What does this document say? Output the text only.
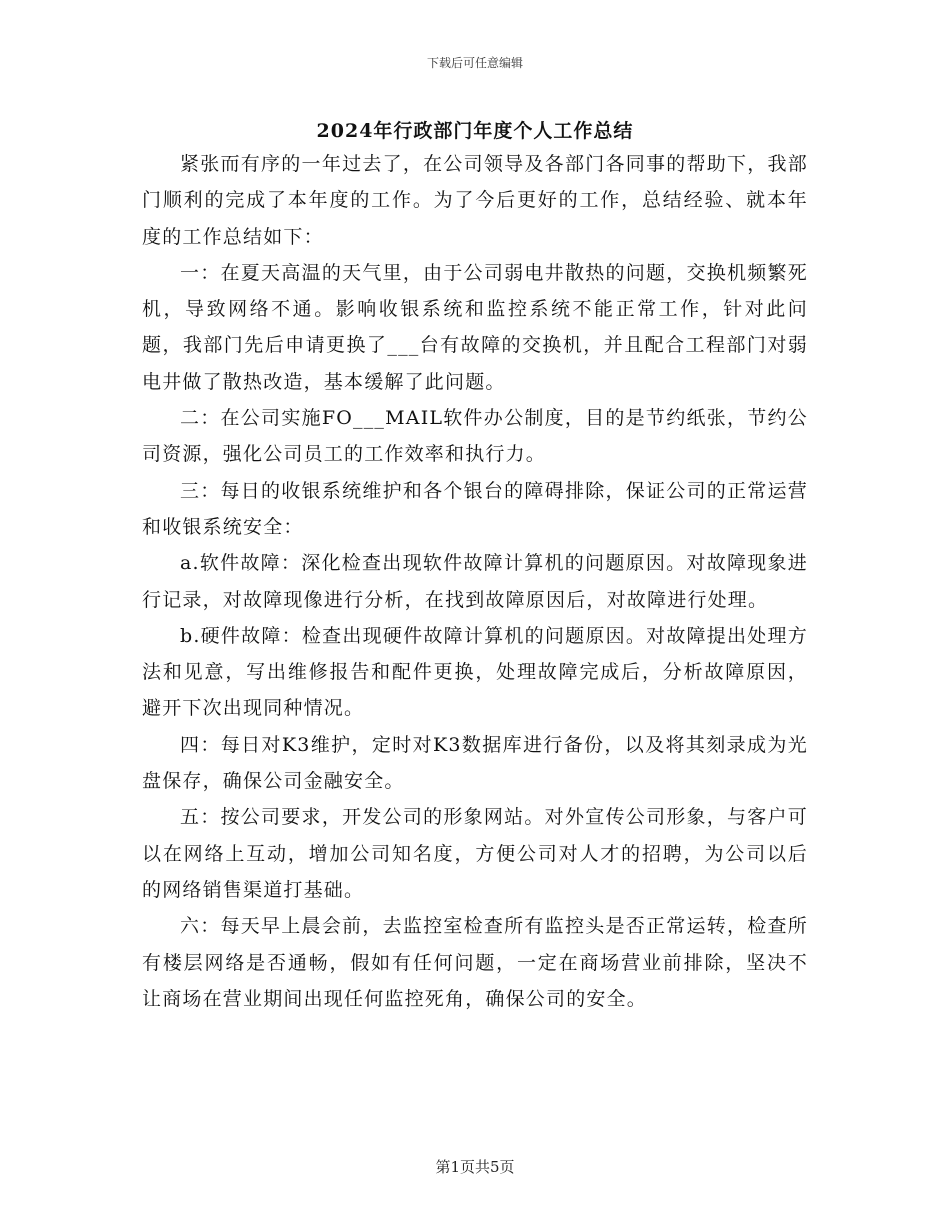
下载后可任意编辑
2024年行政部门年度个人工作总结

紧张而有序的一年过去了，在公司领导及各部门各同事的帮助下，我部门顺利的完成了本年度的工作。为了今后更好的工作，总结经验、就本年度的工作总结如下：

一：在夏天高温的天气里，由于公司弱电井散热的问题，交换机频繁死机，导致网络不通。影响收银系统和监控系统不能正常工作，针对此问题，我部门先后申请更换了___台有故障的交换机，并且配合工程部门对弱电井做了散热改造，基本缓解了此问题。

二：在公司实施FO___MAIL软件办公制度，目的是节约纸张，节约公司资源，强化公司员工的工作效率和执行力。

三：每日的收银系统维护和各个银台的障碍排除，保证公司的正常运营和收银系统安全：

a.软件故障：深化检查出现软件故障计算机的问题原因。对故障现象进行记录，对故障现像进行分析，在找到故障原因后，对故障进行处理。

b.硬件故障：检查出现硬件故障计算机的问题原因。对故障提出处理方法和见意，写出维修报告和配件更换，处理故障完成后，分析故障原因，避开下次出现同种情况。

四：每日对K3维护，定时对K3数据库进行备份，以及将其刻录成为光盘保存，确保公司金融安全。

五：按公司要求，开发公司的形象网站。对外宣传公司形象，与客户可以在网络上互动，增加公司知名度，方便公司对人才的招聘，为公司以后的网络销售渠道打基础。

六：每天早上晨会前，去监控室检查所有监控头是否正常运转，检查所有楼层网络是否通畅，假如有任何问题，一定在商场营业前排除，坚决不让商场在营业期间出现任何监控死角，确保公司的安全。

第1页共5页
